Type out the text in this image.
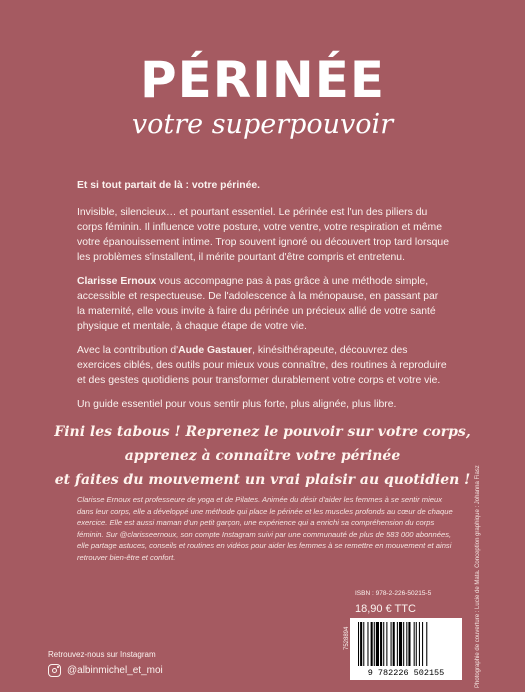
PÉRINÉE
votre superpouvoir

Et si tout partait de là : votre périnée.

Invisible, silencieux… et pourtant essentiel. Le périnée est l'un des piliers du corps féminin. Il influence votre posture, votre ventre, votre respiration et même votre épanouissement intime. Trop souvent ignoré ou découvert trop tard lorsque les problèmes s'installent, il mérite pourtant d'être compris et entretenu.

Clarisse Ernoux vous accompagne pas à pas grâce à une méthode simple, accessible et respectueuse. De l'adolescence à la ménopause, en passant par la maternité, elle vous invite à faire du périnée un précieux allié de votre santé physique et mentale, à chaque étape de votre vie.

Avec la contribution d'Aude Gastauer, kinésithérapeute, découvrez des exercices ciblés, des outils pour mieux vous connaître, des routines à reproduire et des gestes quotidiens pour transformer durablement votre corps et votre vie.

Un guide essentiel pour vous sentir plus forte, plus alignée, plus libre.

Fini les tabous ! Reprenez le pouvoir sur votre corps,
apprenez à connaître votre périnée
et faites du mouvement un vrai plaisir au quotidien !
Clarisse Ernoux est professeure de yoga et de Pilates. Animée du désir d'aider les femmes à se sentir mieux dans leur corps, elle a développé une méthode qui place le périnée et les muscles profonds au cœur de chaque exercice. Elle est aussi maman d'un petit garçon, une expérience qui a enrichi sa compréhension du corps féminin. Sur @clarisseernoux, son compte Instagram suivi par une communauté de plus de 583 000 abonnées, elle partage astuces, conseils et routines en vidéos pour aider les femmes à se remettre en mouvement et ainsi retrouver bien-être et confort.	Photographie de couverture : Lucie de Mata. Conception graphique : Johanna Fiasz
ISBN : 978-2-226-50215-5
18,90 € TTC
9 782226 502155
7528894
Retrouvez-nous sur Instagram
@albinmichel_et_moi
